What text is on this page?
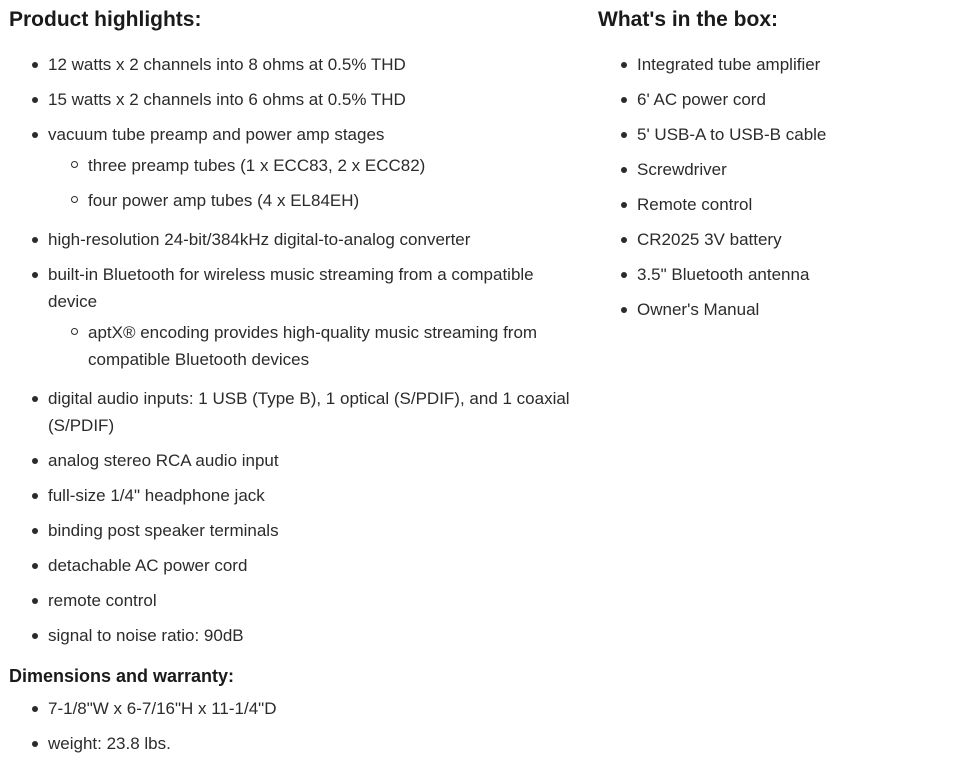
Product highlights:
12 watts x 2 channels into 8 ohms at 0.5% THD
15 watts x 2 channels into 6 ohms at 0.5% THD
vacuum tube preamp and power amp stages
three preamp tubes (1 x ECC83, 2 x ECC82)
four power amp tubes (4 x EL84EH)
high-resolution 24-bit/384kHz digital-to-analog converter
built-in Bluetooth for wireless music streaming from a compatible device
aptX® encoding provides high-quality music streaming from compatible Bluetooth devices
digital audio inputs: 1 USB (Type B), 1 optical (S/PDIF), and 1 coaxial (S/PDIF)
analog stereo RCA audio input
full-size 1/4" headphone jack
binding post speaker terminals
detachable AC power cord
remote control
signal to noise ratio: 90dB
Dimensions and warranty:
7-1/8"W x 6-7/16"H x 11-1/4"D
weight: 23.8 lbs.
What's in the box:
Integrated tube amplifier
6' AC power cord
5' USB-A to USB-B cable
Screwdriver
Remote control
CR2025 3V battery
3.5" Bluetooth antenna
Owner's Manual
